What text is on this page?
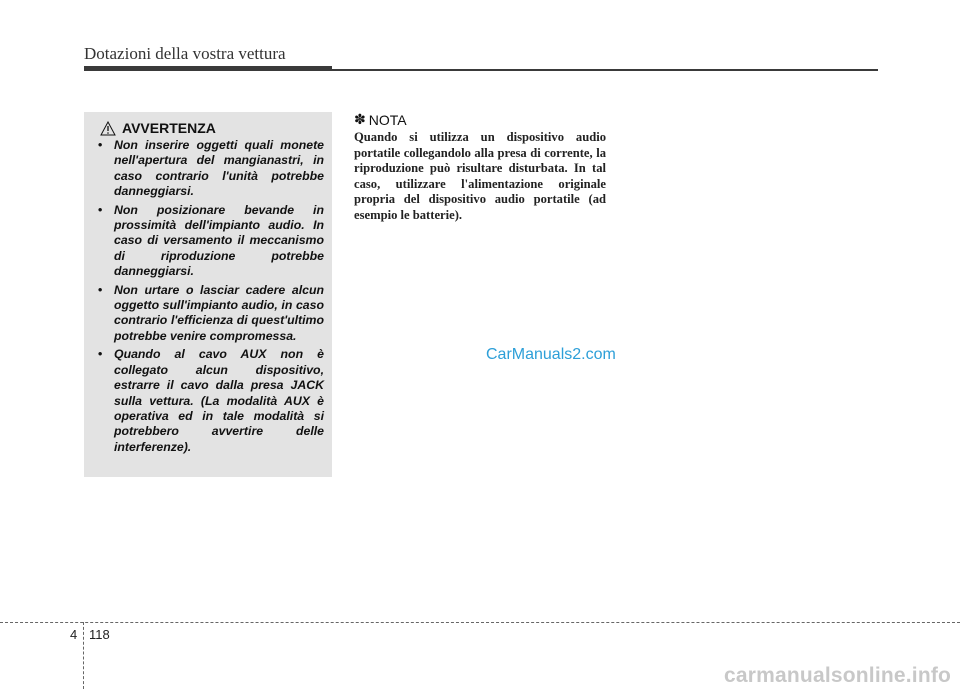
Dotazioni della vostra vettura
AVVERTENZA
• Non inserire oggetti quali monete nell'apertura del mangianastri, in caso contrario l'unità potrebbe danneggiarsi.
• Non posizionare bevande in prossimità dell'impianto audio. In caso di versamento il meccanismo di riproduzione potrebbe danneggiarsi.
• Non urtare o lasciar cadere alcun oggetto sull'impianto audio, in caso contrario l'efficienza di quest'ultimo potrebbe venire compromessa.
• Quando al cavo AUX non è collegato alcun dispositivo, estrarre il cavo dalla presa JACK sulla vettura. (La modalità AUX è operativa ed in tale modalità si potrebbero avvertire delle interferenze).
✽ NOTA

Quando si utilizza un dispositivo audio portatile collegandolo alla presa di corrente, la riproduzione può risultare disturbata. In tal caso, utilizzare l'alimentazione originale propria del dispositivo audio portatile (ad esempio le batterie).

CarManuals2.com
4 118
carmanualsonline.info
